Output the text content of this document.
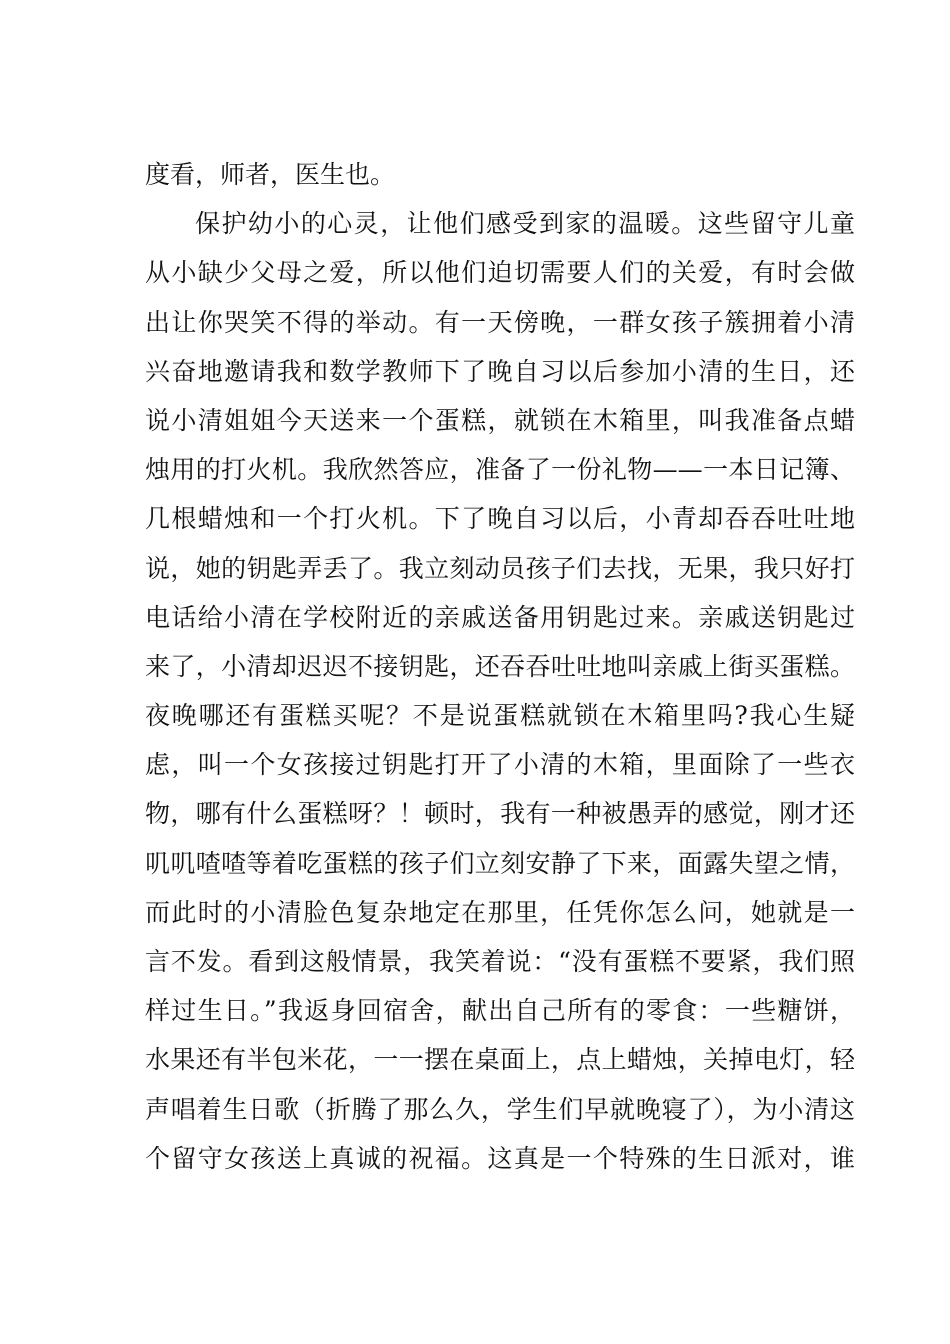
度看，师者，医生也。
保护幼小的心灵，让他们感受到家的温暖。这些留守儿童
从小缺少父母之爱，所以他们迫切需要人们的关爱，有时会做
出让你哭笑不得的举动。有一天傍晚，一群女孩子簇拥着小清
兴奋地邀请我和数学教师下了晚自习以后参加小清的生日，还
说小清姐姐今天送来一个蛋糕，就锁在木箱里，叫我准备点蜡
烛用的打火机。我欣然答应，准备了一份礼物——一本日记簿、
几根蜡烛和一个打火机。下了晚自习以后，小青却吞吞吐吐地
说，她的钥匙弄丢了。我立刻动员孩子们去找，无果，我只好打
电话给小清在学校附近的亲戚送备用钥匙过来。亲戚送钥匙过
来了，小清却迟迟不接钥匙，还吞吞吐吐地叫亲戚上街买蛋糕。
夜晚哪还有蛋糕买呢？不是说蛋糕就锁在木箱里吗?我心生疑
虑，叫一个女孩接过钥匙打开了小清的木箱，里面除了一些衣
物，哪有什么蛋糕呀？！顿时，我有一种被愚弄的感觉，刚才还
叽叽喳喳等着吃蛋糕的孩子们立刻安静了下来，面露失望之情，
而此时的小清脸色复杂地定在那里，任凭你怎么问，她就是一
言不发。看到这般情景，我笑着说：“没有蛋糕不要紧，我们照
样过生日。”我返身回宿舍，献出自己所有的零食：一些糖饼，
水果还有半包米花，一一摆在桌面上，点上蜡烛，关掉电灯，轻
声唱着生日歌（折腾了那么久，学生们早就晚寝了），为小清这
个留守女孩送上真诚的祝福。这真是一个特殊的生日派对，谁
